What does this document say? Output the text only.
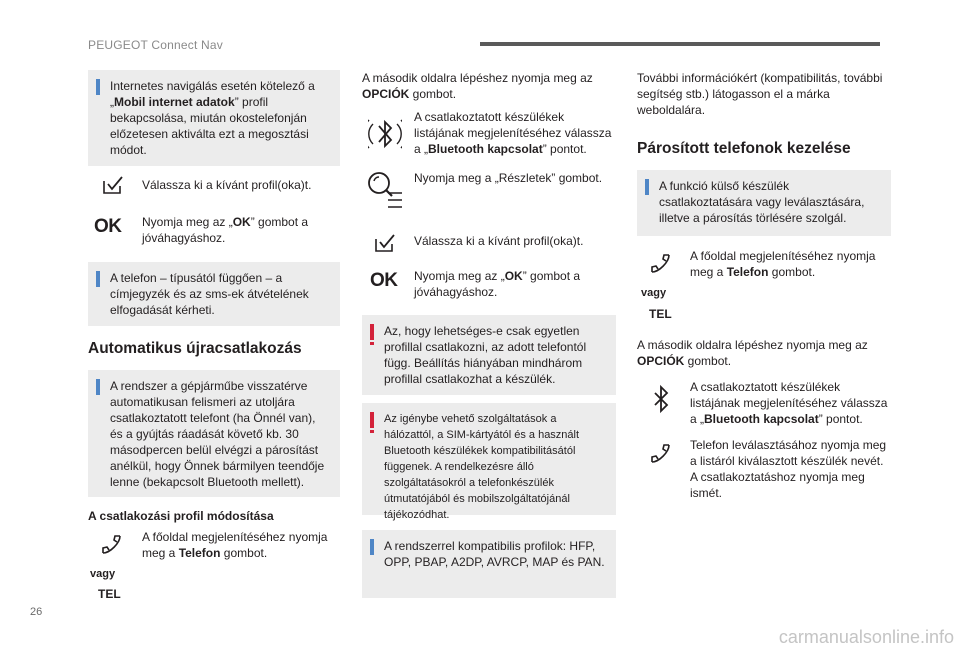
PEUGEOT Connect Nav
Internetes navigálás esetén kötelező a „Mobil internet adatok” profil bekapcsolása, miután okostelefonján előzetesen aktiválta ezt a megosztási módot.
Válassza ki a kívánt profil(oka)t.
OK Nyomja meg az „OK” gombot a jóváhagyáshoz.
A telefon – típusától függően – a címjegyzék és az sms-ek átvételének elfogadását kérheti.
Automatikus újracsatlakozás
A rendszer a gépjárműbe visszatérve automatikusan felismeri az utoljára csatlakoztatott telefont (ha Önnél van), és a gyújtás ráadását követő kb. 30 másodpercen belül elvégzi a párosítást anélkül, hogy Önnek bármilyen teendője lenne (bekapcsolt Bluetooth mellett).
A csatlakozási profil módosítása
A főoldal megjelenítéséhez nyomja meg a Telefon gombot.
vagy
TEL
A második oldalra lépéshez nyomja meg az OPCIÓK gombot.
A csatlakoztatott készülékek listájának megjelenítéséhez válassza a „Bluetooth kapcsolat” pontot.
Nyomja meg a „Részletek” gombot.
Válassza ki a kívánt profil(oka)t.
OK Nyomja meg az „OK” gombot a jóváhagyáshoz.
Az, hogy lehetséges-e csak egyetlen profillal csatlakozni, az adott telefontól függ. Beállítás hiányában mindhárom profillal csatlakozhat a készülék.
Az igénybe vehető szolgáltatások a hálózattól, a SIM-kártyától és a használt Bluetooth készülékek kompatibilitásától függenek. A rendelkezésre álló szolgáltatásokról a telefonkészülék útmutatójából és mobilszolgáltatójánál tájékozódhat.
A rendszerrel kompatibilis profilok: HFP, OPP, PBAP, A2DP, AVRCP, MAP és PAN.
További információkért (kompatibilitás, további segítség stb.) látogasson el a márka weboldalára.
Párosított telefonok kezelése
A funkció külső készülék csatlakoztatására vagy leválasztására, illetve a párosítás törlésére szolgál.
A főoldal megjelenítéséhez nyomja meg a Telefon gombot.
vagy
TEL
A második oldalra lépéshez nyomja meg az OPCIÓK gombot.
A csatlakoztatott készülékek listájának megjelenítéséhez válassza a „Bluetooth kapcsolat” pontot.
Telefon leválasztásához nyomja meg a listáról kiválasztott készülék nevét.
A csatlakoztatáshoz nyomja meg ismét.
26
carmanualsonline.info
